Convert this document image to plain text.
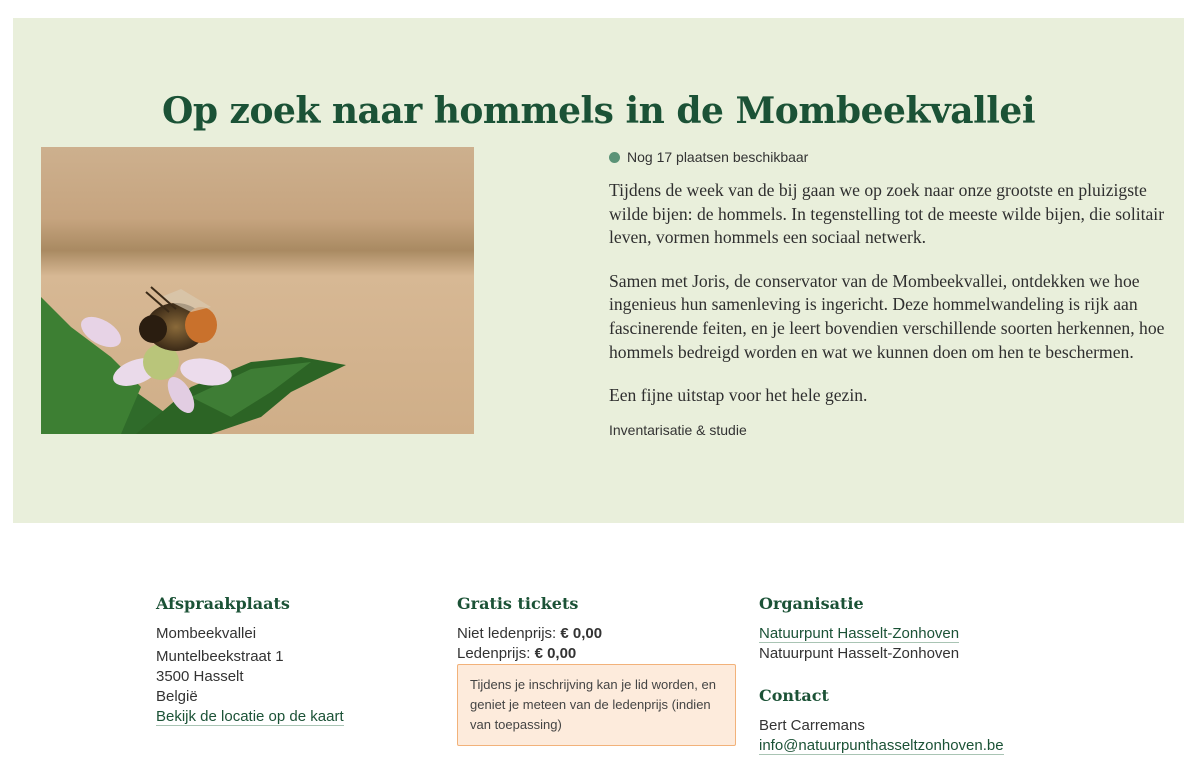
Op zoek naar hommels in de Mombeekvallei
Nog 17 plaatsen beschikbaar

Tijdens de week van de bij gaan we op zoek naar onze grootste en pluizigste wilde bijen: de hommels. In tegenstelling tot de meeste wilde bijen, die solitair leven, vormen hommels een sociaal netwerk.

Samen met Joris, de conservator van de Mombeekvallei, ontdekken we hoe ingenieus hun samenleving is ingericht. Deze hommelwandeling is rijk aan fascinerende feiten, en je leert bovendien verschillende soorten herkennen, hoe hommels bedreigd worden en wat we kunnen doen om hen te beschermen.

Een fijne uitstap voor het hele gezin.

Inventarisatie & studie
Afspraakplaats
Mombeekvallei
Muntelbeekstraat 1
3500 Hasselt
België
Bekijk de locatie op de kaart
Gratis tickets
Niet ledenprijs: € 0,00
Ledenprijs: € 0,00
Tijdens je inschrijving kan je lid worden, en geniet je meteen van de ledenprijs (indien van toepassing)
Organisatie
Natuurpunt Hasselt-Zonhoven
Natuurpunt Hasselt-Zonhoven
Contact
Bert Carremans
info@natuurpunthasseltzonhoven.be
